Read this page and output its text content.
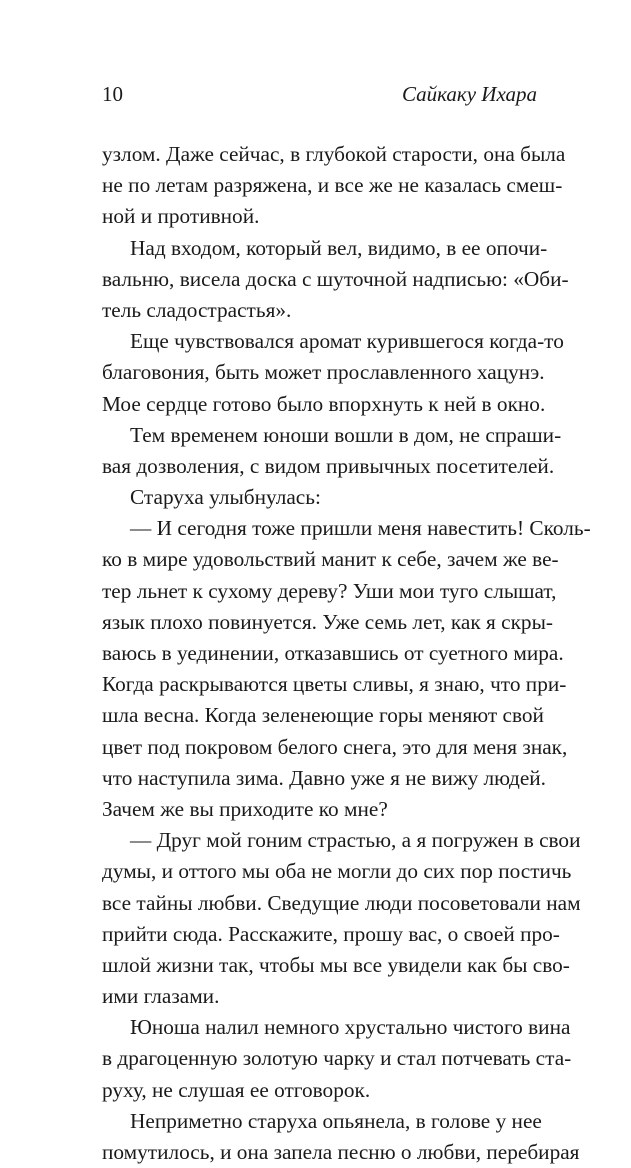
10	Сайкаку Ихара
узлом. Даже сейчас, в глубокой старости, она была
не по летам разряжена, и все же не казалась смеш-
ной и противной.
Над входом, который вел, видимо, в ее опочи-
вальню, висела доска с шуточной надписью: «Оби-
тель сладострастья».
Еще чувствовался аромат курившегося когда-то
благовония, быть может прославленного хацунэ.
Мое сердце готово было впорхнуть к ней в окно.
Тем временем юноши вошли в дом, не спраши-
вая дозволения, с видом привычных посетителей.
Старуха улыбнулась:
— И сегодня тоже пришли меня навестить! Сколь-
ко в мире удовольствий манит к себе, зачем же ве-
тер льнет к сухому дереву? Уши мои туго слышат,
язык плохо повинуется. Уже семь лет, как я скры-
ваюсь в уединении, отказавшись от суетного мира.
Когда раскрываются цветы сливы, я знаю, что при-
шла весна. Когда зеленеющие горы меняют свой
цвет под покровом белого снега, это для меня знак,
что наступила зима. Давно уже я не вижу людей.
Зачем же вы приходите ко мне?
— Друг мой гоним страстью, а я погружен в свои
думы, и оттого мы оба не могли до сих пор постичь
все тайны любви. Сведущие люди посоветовали нам
прийти сюда. Расскажите, прошу вас, о своей про-
шлой жизни так, чтобы мы все увидели как бы сво-
ими глазами.
Юноша налил немного хрустально чистого вина
в драгоценную золотую чарку и стал потчевать ста-
руху, не слушая ее отговорок.
Неприметно старуха опьянела, в голове у нее
помутилось, и она запела песню о любви, перебирая
